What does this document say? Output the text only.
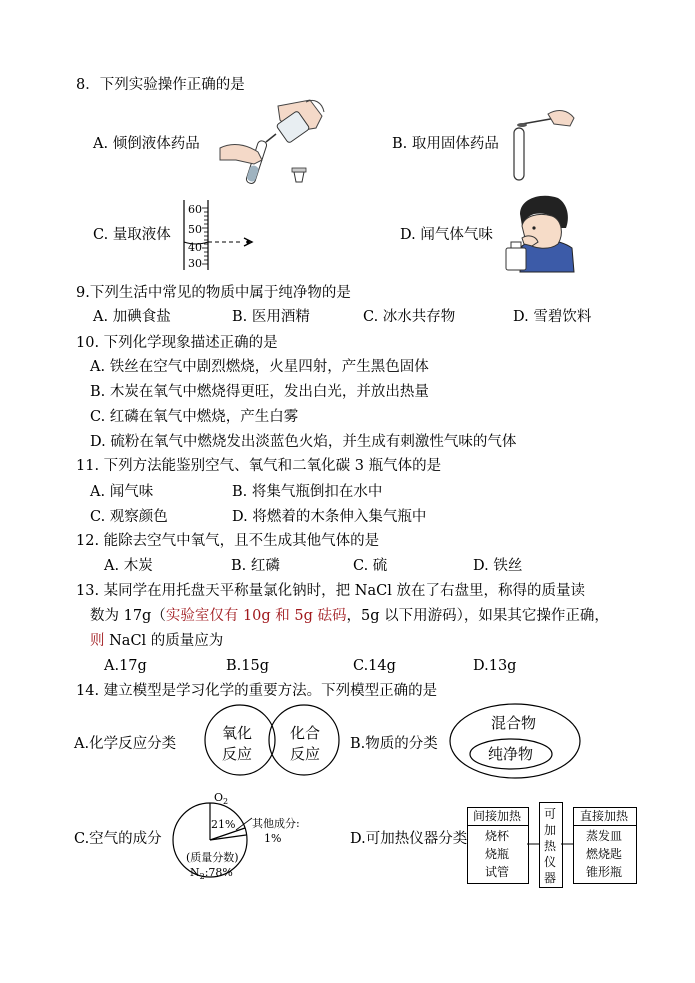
8．下列实验操作正确的是
A. 倾倒液体药品	B. 取用固体药品
C. 量取液体	D. 闻气体气味
60
50
40
30
9.下列生活中常见的物质中属于纯净物的是
A. 加碘食盐	B. 医用酒精	C. 冰水共存物	D. 雪碧饮料
10. 下列化学现象描述正确的是
A. 铁丝在空气中剧烈燃烧，火星四射，产生黑色固体
B. 木炭在氧气中燃烧得更旺，发出白光，并放出热量
C. 红磷在氧气中燃烧，产生白雾
D. 硫粉在氧气中燃烧发出淡蓝色火焰，并生成有刺激性气味的气体
11. 下列方法能鉴别空气、氧气和二氧化碳 3 瓶气体的是
A. 闻气味	B. 将集气瓶倒扣在水中
C. 观察颜色	D. 将燃着的木条伸入集气瓶中
12. 能除去空气中氧气，且不生成其他气体的是
A. 木炭	B. 红磷	C. 硫	D. 铁丝
13. 某同学在用托盘天平称量氯化钠时，把 NaCl 放在了右盘里，称得的质量读
数为 17g（实验室仅有 10g 和 5g 砝码，5g 以下用游码），如果其它操作正确，
则 NaCl 的质量应为
A.17g	B.15g	C.14g	D.13g
14. 建立模型是学习化学的重要方法。下列模型正确的是
A.化学反应分类
氧化
反应
化合
反应
B.物质的分类
混合物
纯净物
C.空气的成分
$O_2$
21% 其他成分:
1%
(质量分数)
$N_2:78\%$
D.可加热仪器分类
间接加热
烧杯
烧瓶
试管
可
加
热
仪
器
直接加热
蒸发皿
燃烧匙
锥形瓶
